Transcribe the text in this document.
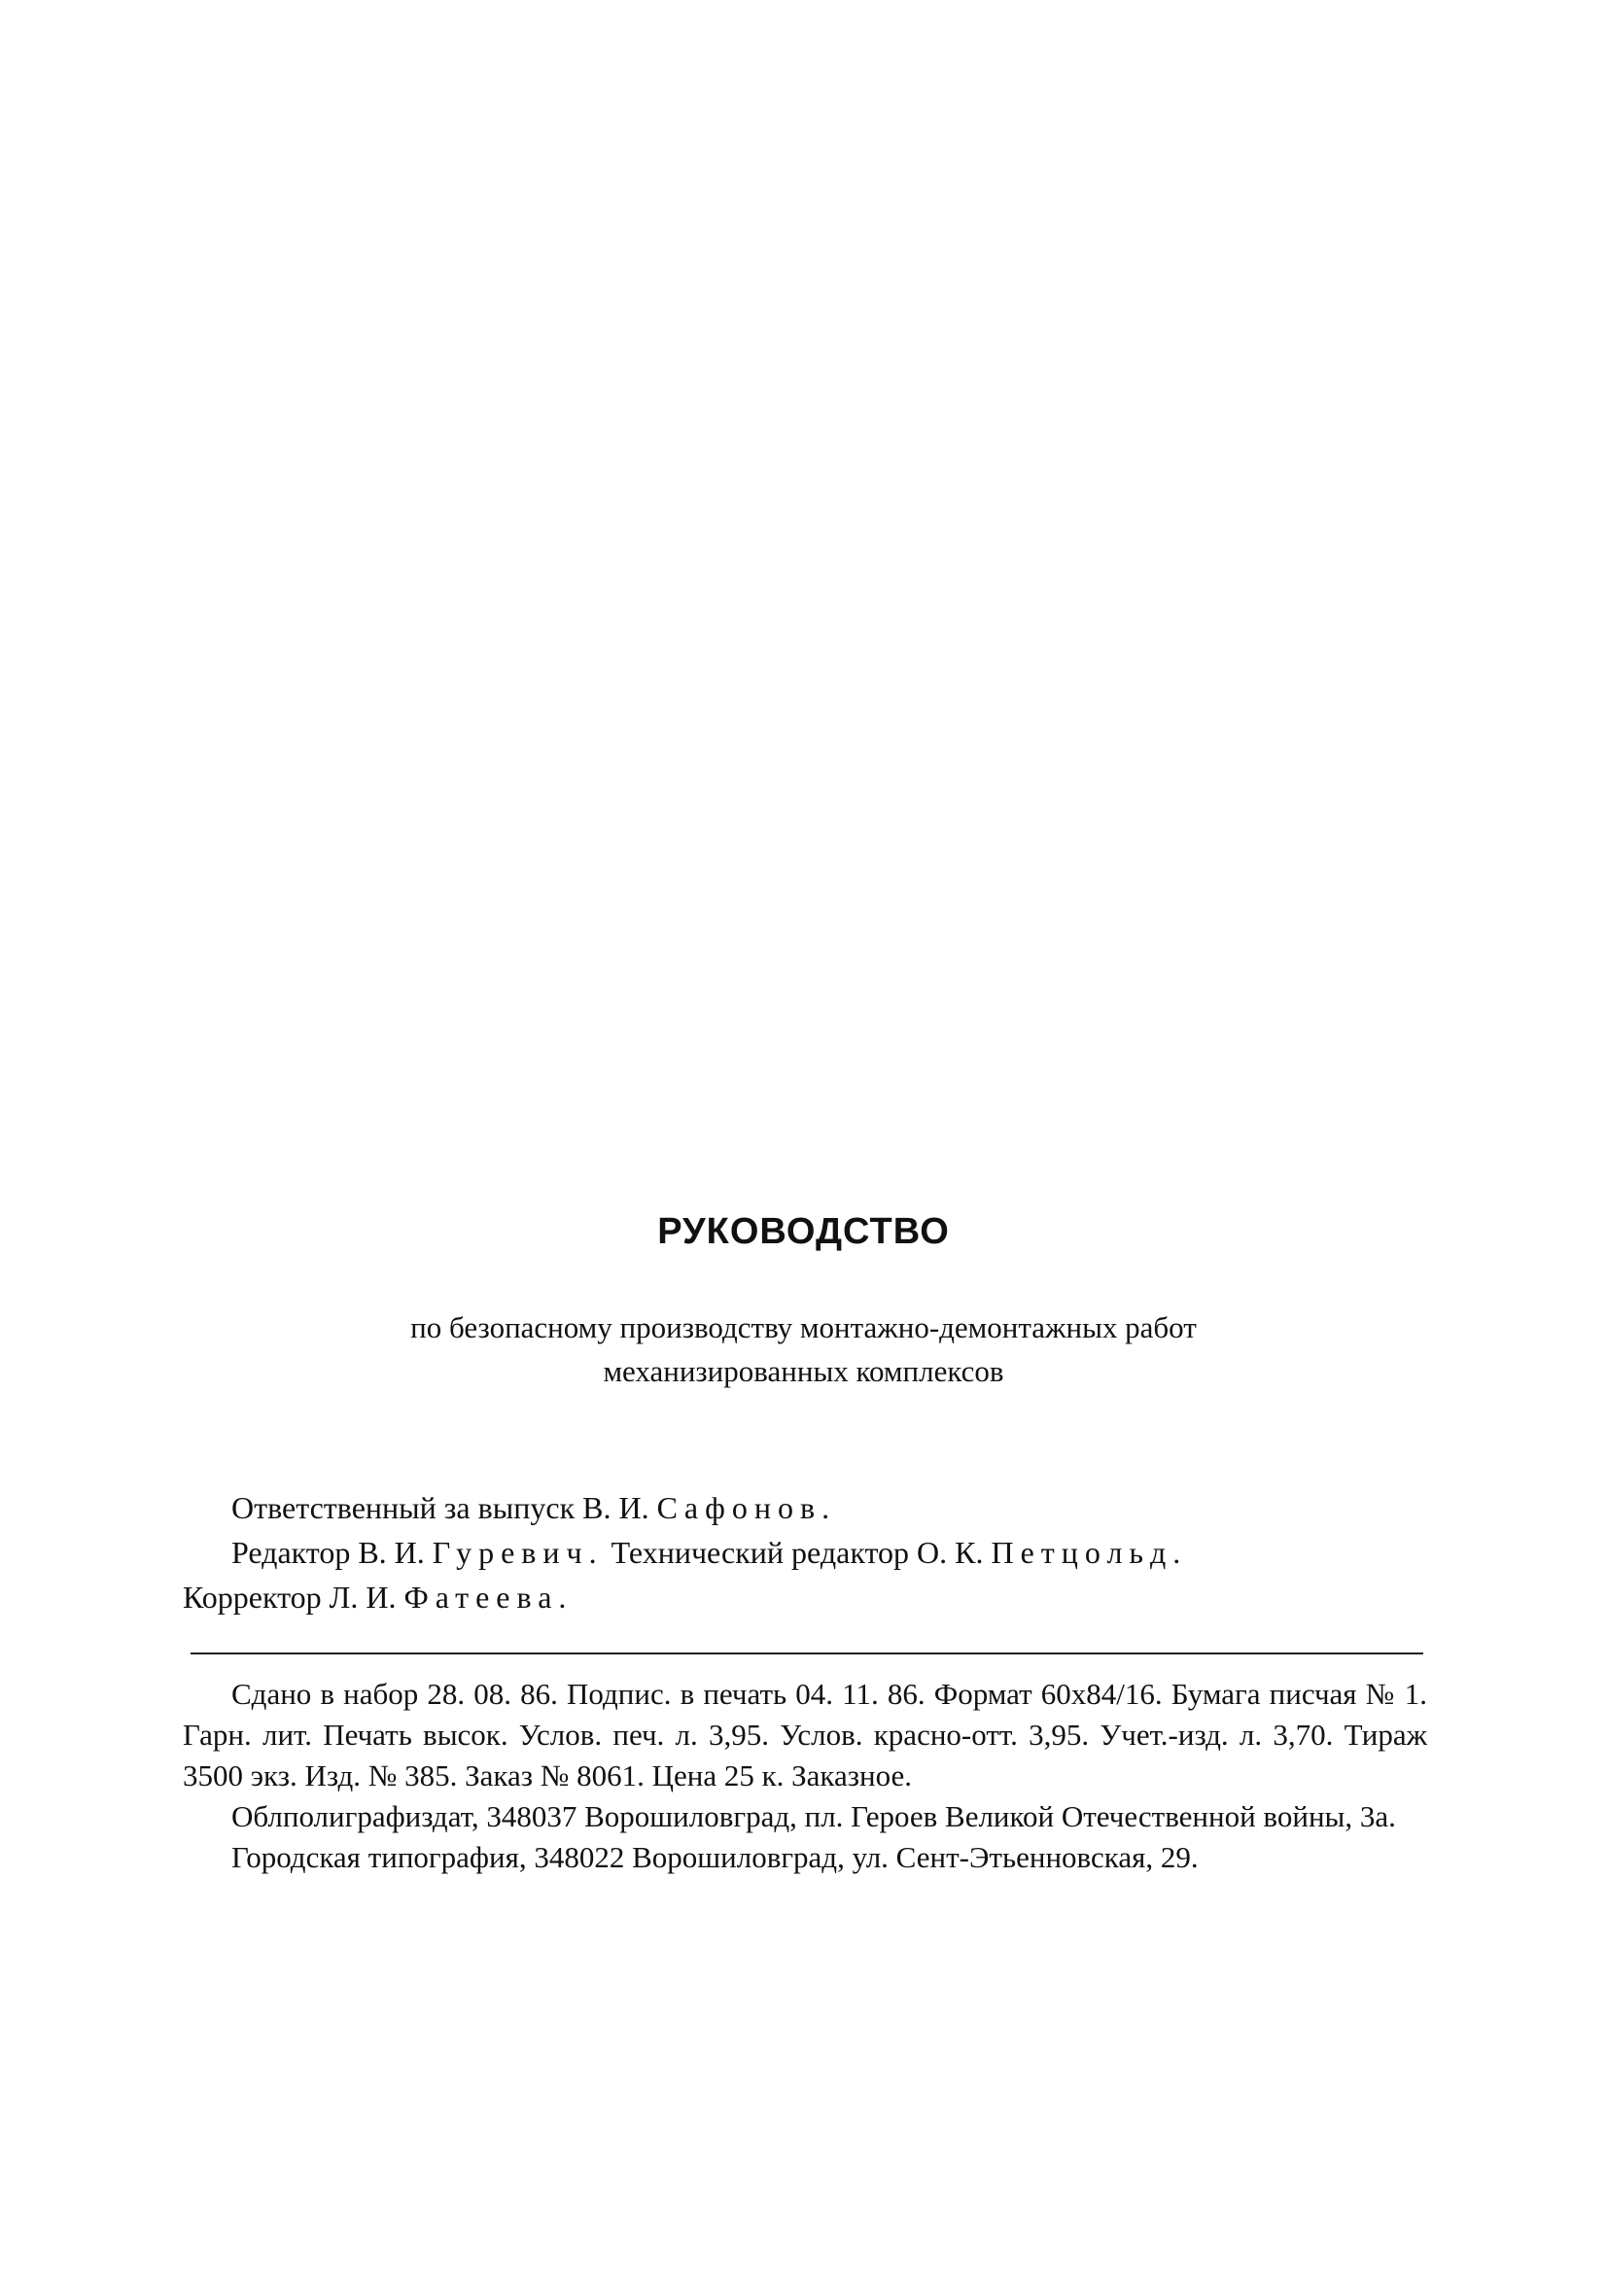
РУКОВОДСТВО

по безопасному производству монтажно-демонтажных работ

механизированных комплексов

Ответственный за выпуск В. И. Сафонов.

Редактор В. И. Гуревич. Технический редактор О. К. Петцольд.

Корректор Л. И. Фатеева.

Сдано в набор 28. 08. 86. Подпис. в печать 04. 11. 86. Формат 60x84/16. Бумага писчая № 1. Гарн. лит. Печать высок. Услов. печ. л. 3,95. Услов. красно-отт. 3,95. Учет.-изд. л. 3,70. Тираж 3500 экз. Изд. № 385. Заказ № 8061. Цена 25 к. Заказное.

Облполиграфиздат, 348037 Ворошиловград, пл. Героев Великой Отечественной войны, 3а.

Городская типография, 348022 Ворошиловград, ул. Сент-Этьенновская, 29.
